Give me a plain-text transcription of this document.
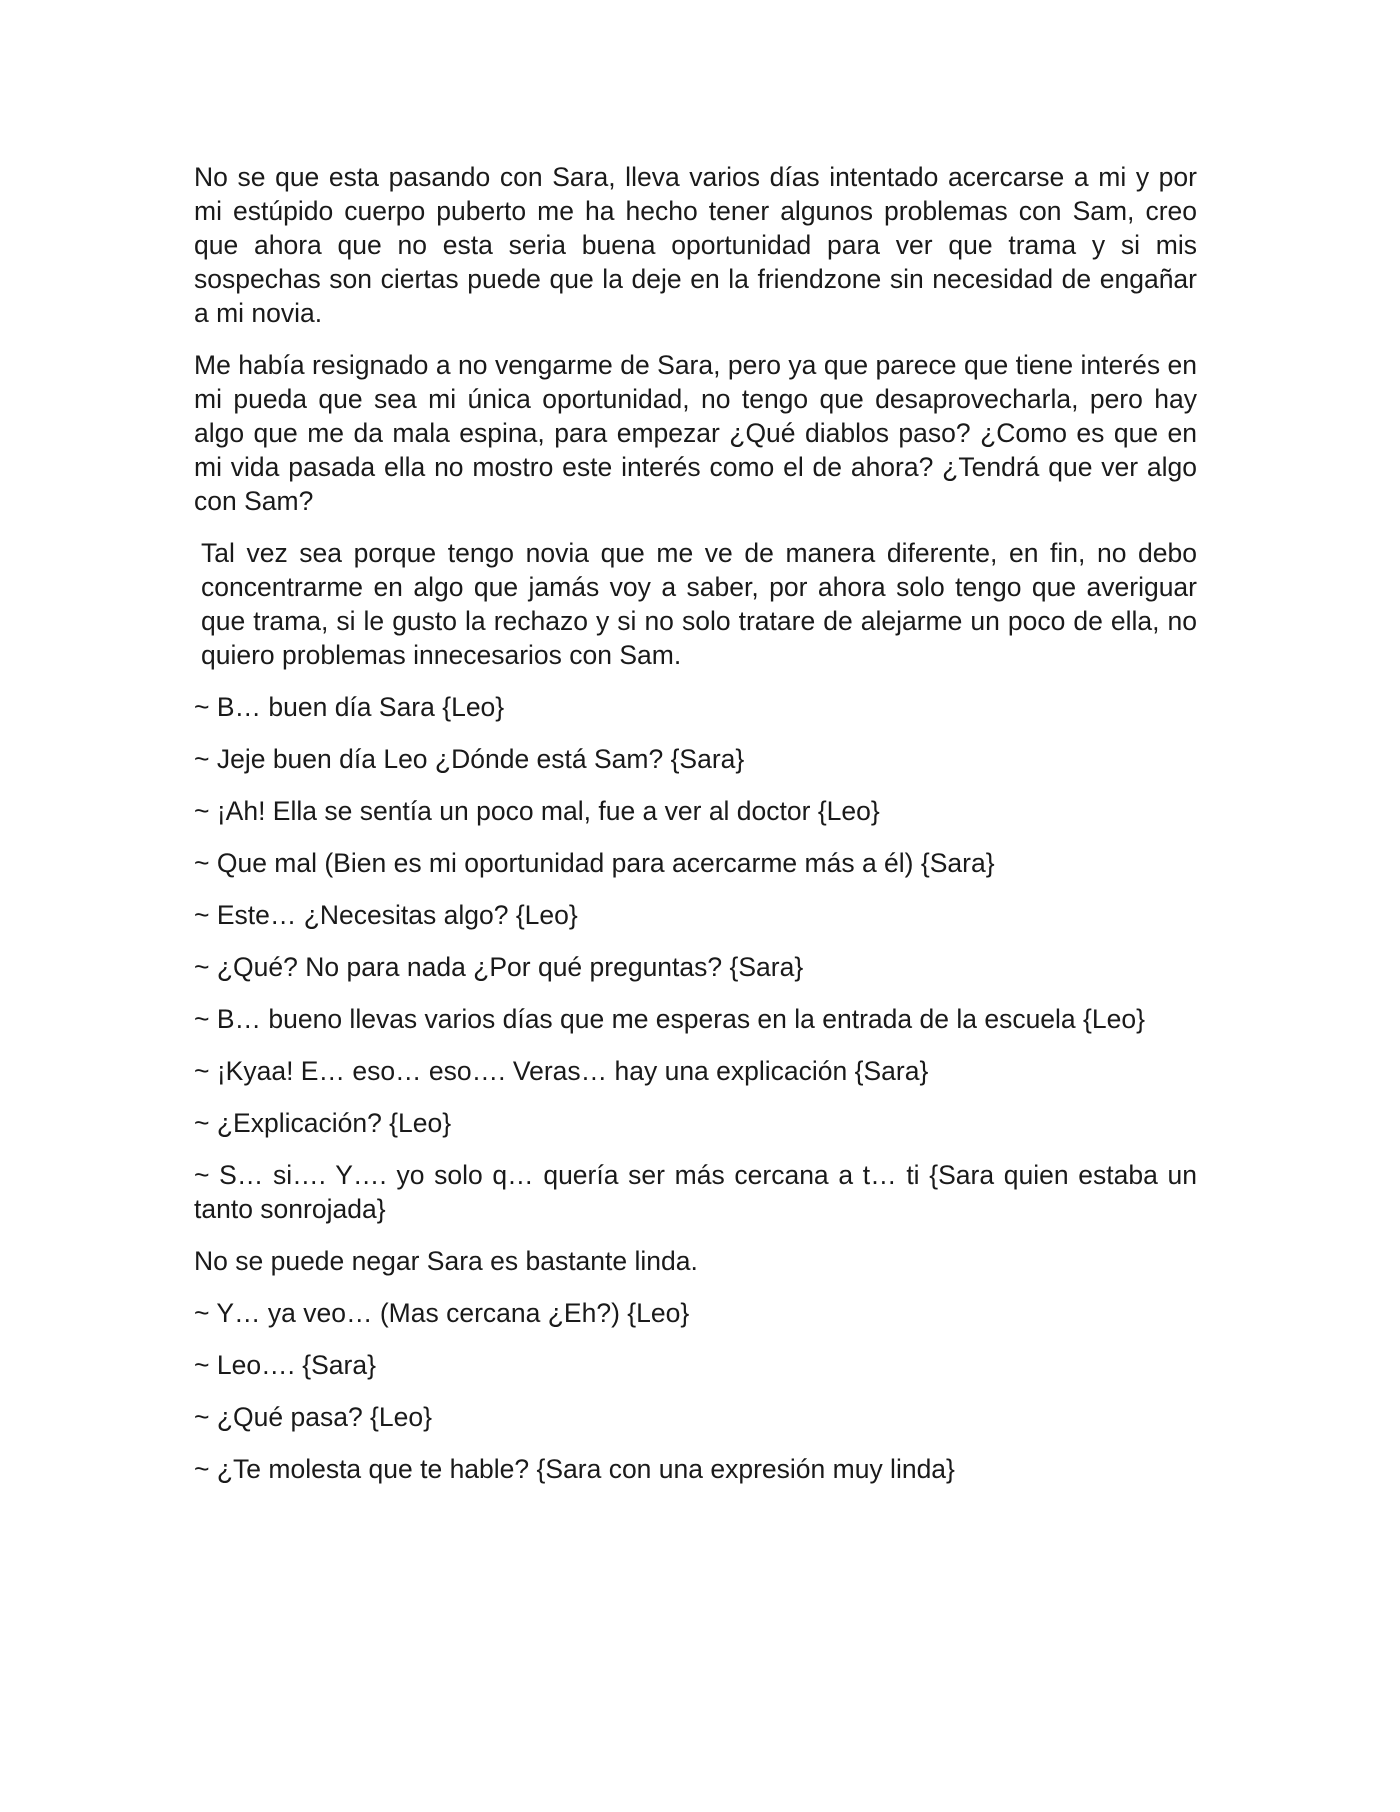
No se que esta pasando con Sara, lleva varios días intentado acercarse a mi y por mi estúpido cuerpo puberto me ha hecho tener algunos problemas con Sam, creo que ahora que no esta seria buena oportunidad para ver que trama y si mis sospechas son ciertas puede que la deje en la friendzone sin necesidad de engañar a mi novia.

Me había resignado a no vengarme de Sara, pero ya que parece que tiene interés en mi pueda que sea mi única oportunidad, no tengo que desaprovecharla, pero hay algo que me da mala espina, para empezar ¿Qué diablos paso? ¿Como es que en mi vida pasada ella no mostro este interés como el de ahora? ¿Tendrá que ver algo con Sam?

Tal vez sea porque tengo novia que me ve de manera diferente, en fin, no debo concentrarme en algo que jamás voy a saber, por ahora solo tengo que averiguar que trama, si le gusto la rechazo y si no solo tratare de alejarme un poco de ella, no quiero problemas innecesarios con Sam.

~ B… buen día Sara {Leo}

~ Jeje buen día Leo ¿Dónde está Sam? {Sara}

~ ¡Ah! Ella se sentía un poco mal, fue a ver al doctor {Leo}

~ Que mal (Bien es mi oportunidad para acercarme más a él) {Sara}

~ Este… ¿Necesitas algo? {Leo}

~ ¿Qué? No para nada ¿Por qué preguntas? {Sara}

~ B… bueno llevas varios días que me esperas en la entrada de la escuela {Leo}

~ ¡Kyaa! E… eso… eso…. Veras… hay una explicación {Sara}

~ ¿Explicación? {Leo}

~ S… si…. Y…. yo solo q… quería ser más cercana a t… ti {Sara quien estaba un tanto sonrojada}

No se puede negar Sara es bastante linda.

~ Y… ya veo… (Mas cercana ¿Eh?) {Leo}

~ Leo…. {Sara}

~ ¿Qué pasa? {Leo}

~ ¿Te molesta que te hable? {Sara con una expresión muy linda}
